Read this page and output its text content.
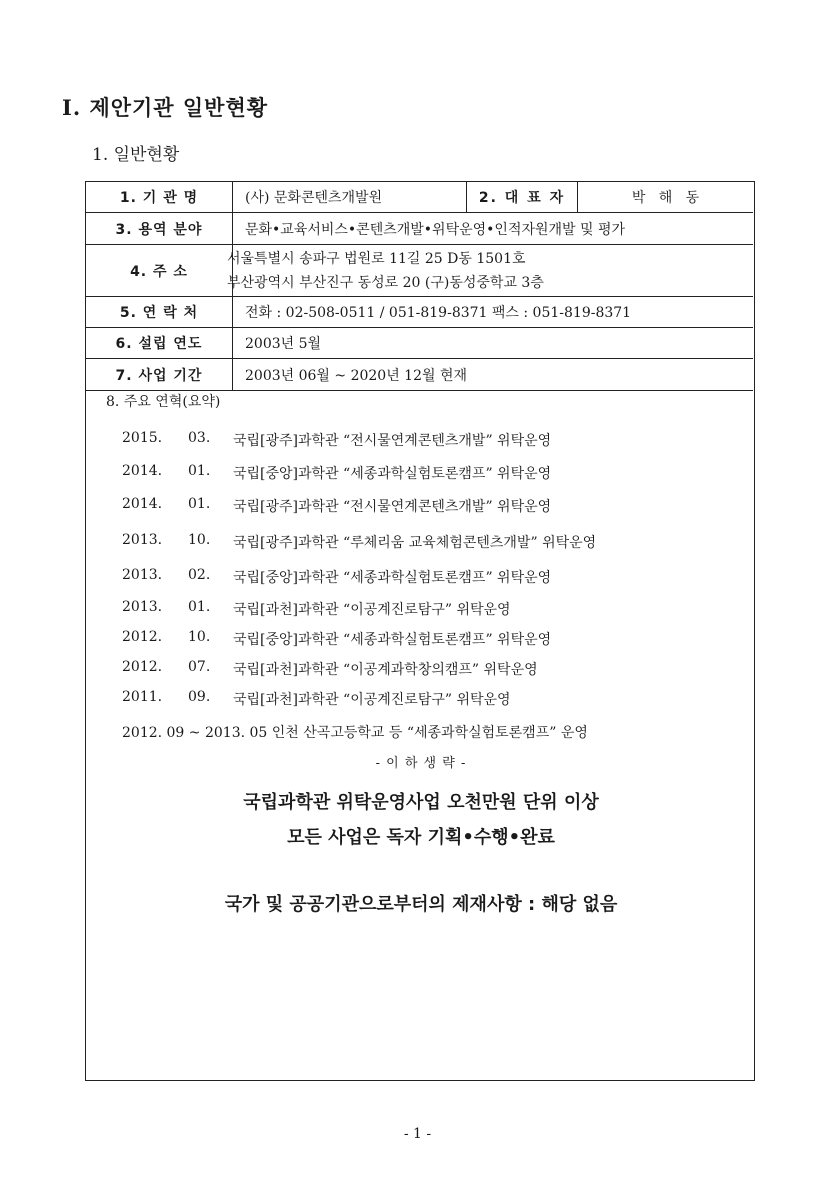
I. 제안기관 일반현황
1. 일반현황
1. 기 관 명	(사) 문화콘텐츠개발원	2. 대 표 자	박   해   동
3. 용역 분야	문화•교육서비스•콘텐츠개발•위탁운영•인적자원개발 및 평가
4. 주 소
서울특별시 송파구 법원로 11길 25 D동 1501호
부산광역시 부산진구 동성로 20 (구)동성중학교 3층
5. 연 락 처	전화 : 02-508-0511 / 051-819-8371 팩스 : 051-819-8371
6. 설립 연도	2003년 5월
7. 사업 기간	2003년 06월 ~ 2020년 12월 현재
8. 주요 연혁(요약)
2015. 03. 국립[광주]과학관 “전시물연계콘텐츠개발” 위탁운영
2014. 01. 국립[중앙]과학관 “세종과학실험토론캠프” 위탁운영
2014. 01. 국립[광주]과학관 “전시물연계콘텐츠개발” 위탁운영
2013. 10. 국립[광주]과학관 “루체리움 교육체험콘텐츠개발” 위탁운영
2013. 02. 국립[중앙]과학관 “세종과학실험토론캠프” 위탁운영
2013. 01. 국립[과천]과학관 “이공계진로탐구” 위탁운영
2012. 10. 국립[중앙]과학관 “세종과학실험토론캠프” 위탁운영
2012. 07. 국립[과천]과학관 “이공계과학창의캠프” 위탁운영
2011. 09. 국립[과천]과학관 “이공계진로탐구” 위탁운영
2012. 09 ~ 2013. 05 인천 산곡고등학교 등 “세종과학실험토론캠프” 운영
- 이 하 생 략 -
국립과학관 위탁운영사업 오천만원 단위 이상
모든 사업은 독자 기획•수행•완료
국가 및 공공기관으로부터의 제재사항 : 해당 없음
- 1 -
